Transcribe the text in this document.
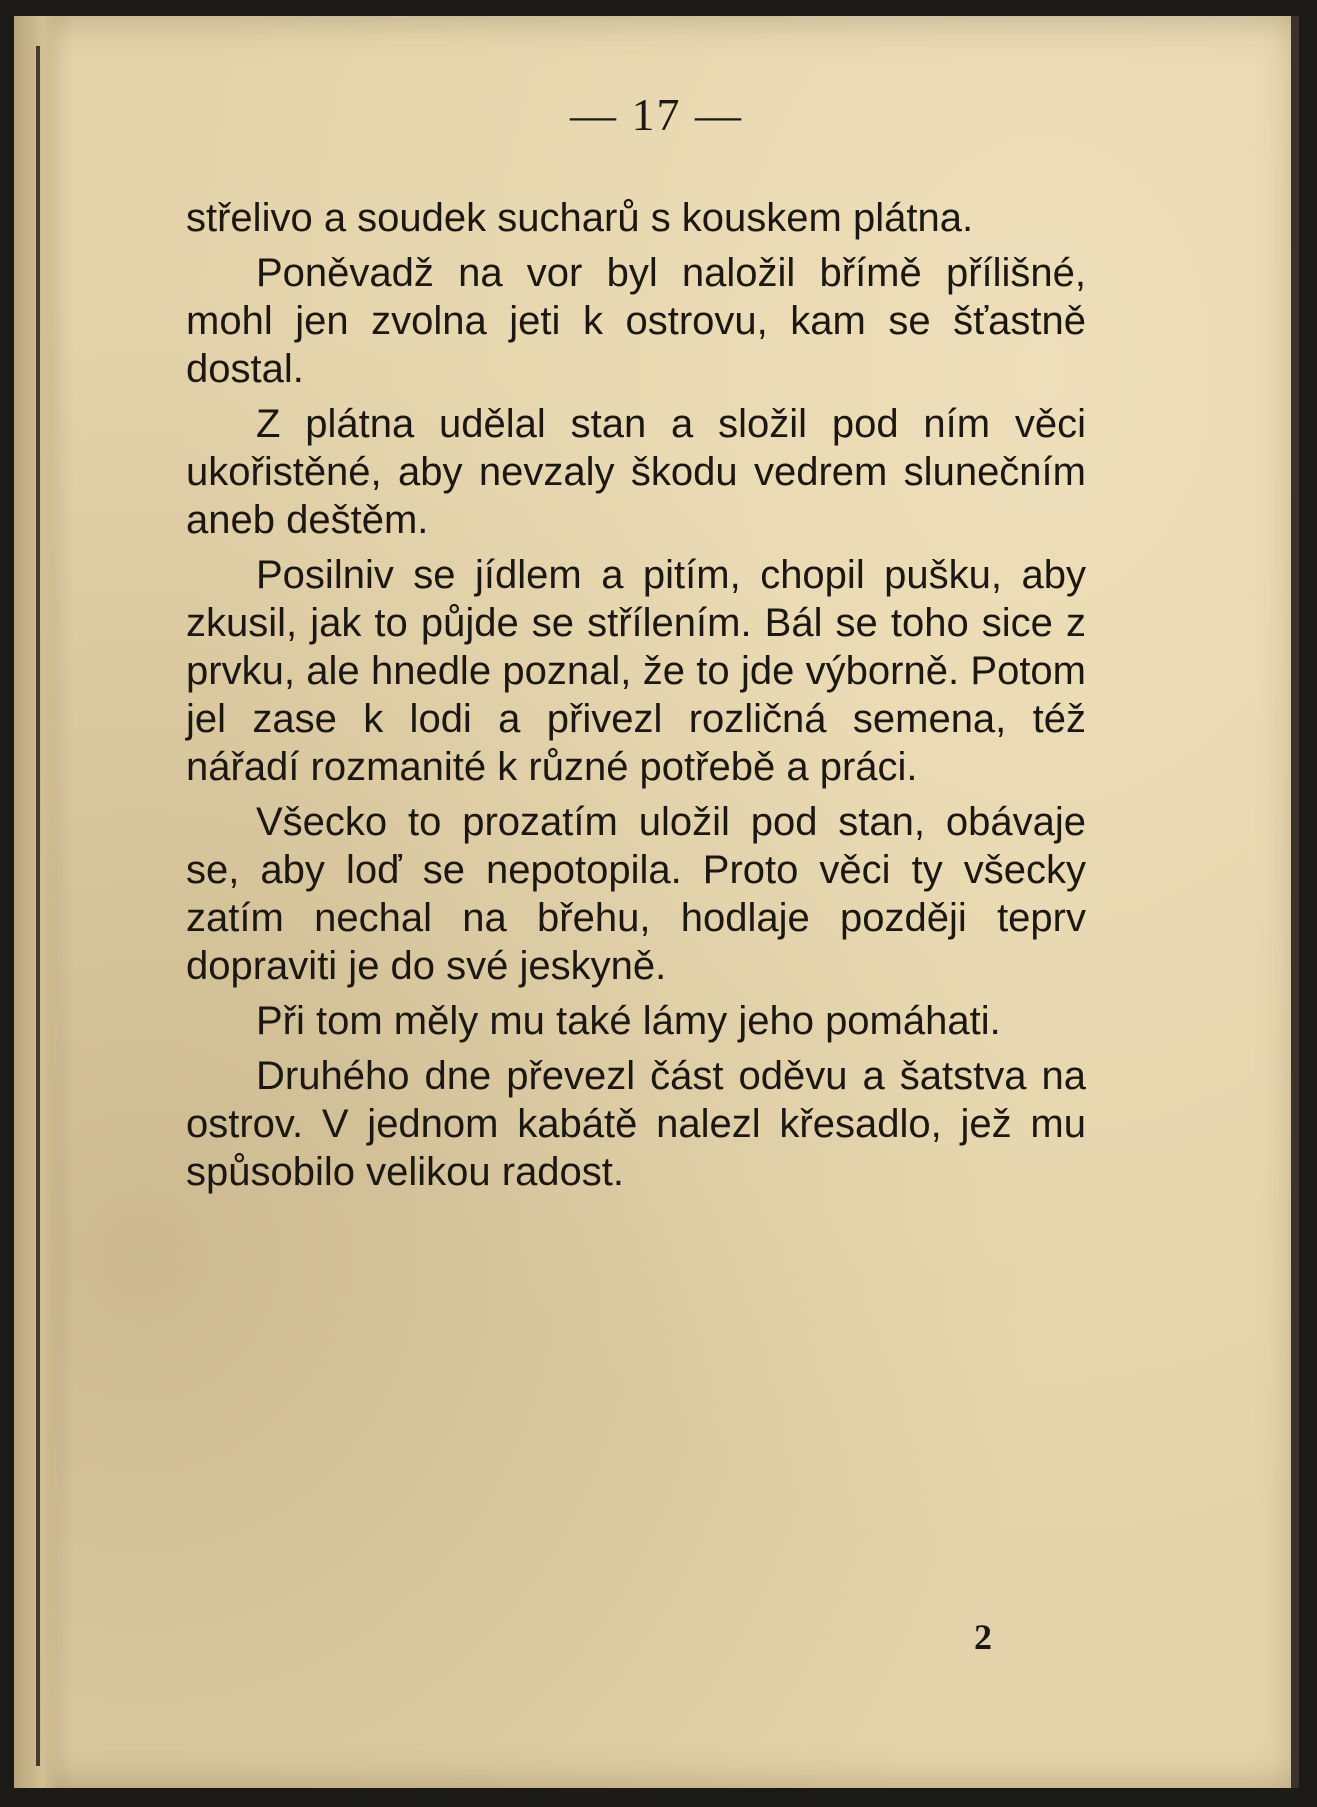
— 17 —

střelivo a soudek sucharů s kouskem plátna.

Poněvadž na vor byl naložil břímě přílišné, mohl jen zvolna jeti k ostrovu, kam se šťastně dostal.

Z plátna udělal stan a složil pod ním věci ukořistěné, aby nevzaly škodu vedrem slunečním aneb deštěm.

Posilniv se jídlem a pitím, chopil pušku, aby zkusil, jak to půjde se střílením. Bál se toho sice z prvku, ale hnedle poznal, že to jde výborně. Potom jel zase k lodi a přivezl rozličná semena, též nářadí rozmanité k různé potřebě a práci.

Všecko to prozatím uložil pod stan, obávaje se, aby loď se nepotopila. Proto věci ty všecky zatím nechal na břehu, hodlaje později teprv dopraviti je do své jeskyně.

Při tom měly mu také lámy jeho pomáhati.

Druhého dne převezl část oděvu a šatstva na ostrov. V jednom kabátě nalezl křesadlo, jež mu spůsobilo velikou radost.

2
